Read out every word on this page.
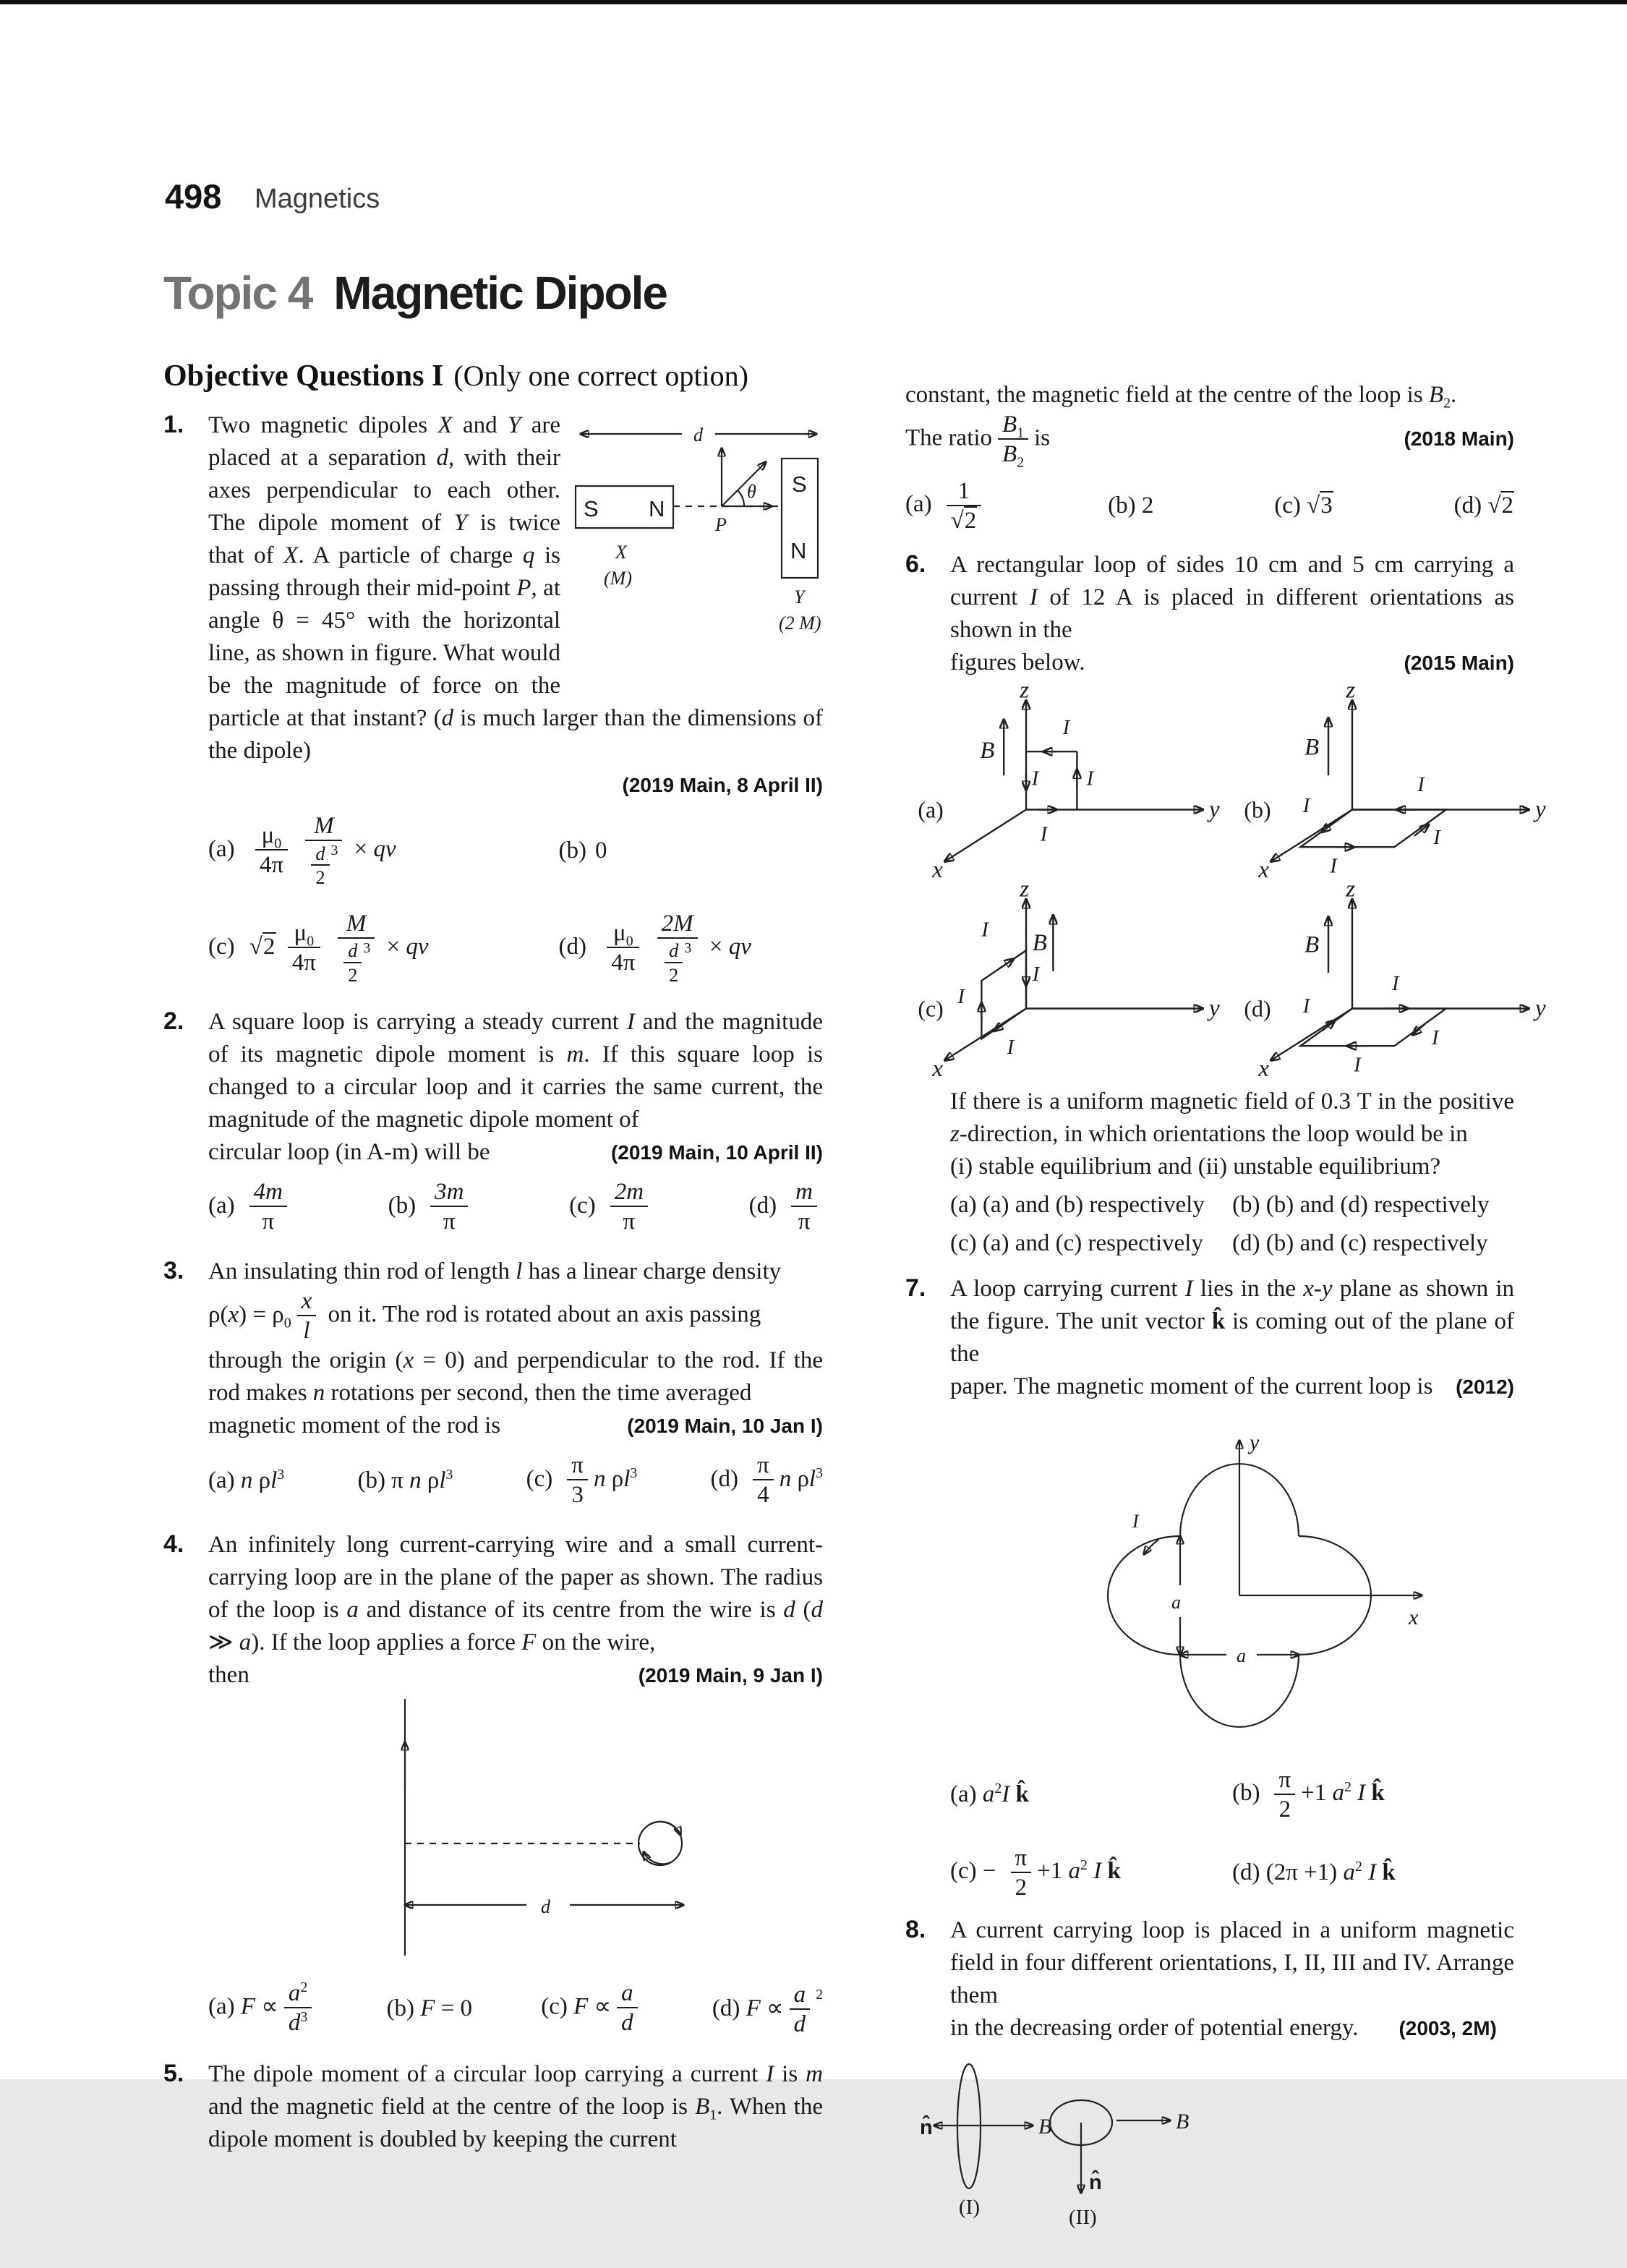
498 Magnetics
Topic 4 Magnetic Dipole
Objective Questions I (Only one correct option)
1.	d
S N
X
(M)
S
N
Y
(2 M)
θ
P
Two magnetic dipoles X and Y are placed at a separation d, with their axes perpendicular to each other. The dipole moment of Y is twice that of X. A particle of charge q is passing through their mid-point P, at angle θ = 45° with the horizontal line, as shown in figure. What would be the magnitude of force on the particle at that instant? (d is much larger than the dimensions of the dipole)
(2019 Main, 8 April II)
$(a) \frac{\mu_0}{4\pi}$
$\frac{M}{\frac{d}{2} ^3}$ × qv	(b) 0
(c) $√2 \frac{\mu_0}{4\pi}$
$\frac{M}{\frac{d}{2} ^3}$ × qv	$(d) \frac{\mu_0}{4\pi}$
$\frac{2M}{\frac{d}{2} ^3}$ × qv
2.	A square loop is carrying a steady current I and the magnitude of its magnetic dipole moment is m. If this square loop is changed to a circular loop and it carries the same current, the magnitude of the magnetic dipole moment of
circular loop (in A-m) will be	(2019 Main, 10 April II)
$(a) \frac{4m}{\pi}$	$(b) \frac{3m}{\pi}$	$(c) \frac{2m}{\pi}$	$(d) \frac{m}{\pi}$
3.	An insulating thin rod of length l has a linear charge density
$\rho(x) = \rho_0 \frac{x}{l}$ on it. The rod is rotated about an axis passing
through the origin (x = 0) and perpendicular to the rod. If the rod makes n rotations per second, then the time averaged
magnetic moment of the rod is	(2019 Main, 10 Jan I)
(a) n $\rho l^3$	(b) π n $\rho l^3$	$(c) \frac{\pi}{3}$ n $\rho l^3$	$(d) \frac{\pi}{4}$ n $\rho l^3$
4.	An infinitely long current-carrying wire and a small current-carrying loop are in the plane of the paper as shown. The radius of the loop is a and distance of its centre from the wire is d (d ≫ a). If the loop applies a force F on the wire,
then	(2019 Main, 9 Jan I)
d
(a) $F \propto \frac{a^2}{d^3}$	(b) F = 0	(c) $F \propto \frac{a}{d}$	(d) $F \propto \frac{a}{d} ^2$
5.	The dipole moment of a circular loop carrying a current I is m and the magnetic field at the centre of the loop is $B_1$. When the dipole moment is doubled by keeping the current
constant, the magnetic field at the centre of the loop is $B_2$.
The ratio $\frac{B_1}{B_2}$ is	(2018 Main)
$(a) \frac{1}{√2}$	(b) 2	(c) √3	(d) √2
6.	A rectangular loop of sides 10 cm and 5 cm carrying a current I of 12 A is placed in different orientations as shown in the
figures below.	(2015 Main)
(a)
z
y
x
B
I
I	I
I
(b)
z
y
x
B
I
I
I
I
(c)
z
y
x
B
I
I
I
I
(d)
z
y
x
B
I
I
I
I
If there is a uniform magnetic field of 0.3 T in the positive z-direction, in which orientations the loop would be in
(i) stable equilibrium and (ii) unstable equilibrium?
(a) (a) and (b) respectively	(b) (b) and (d) respectively
(c) (a) and (c) respectively	(d) (b) and (c) respectively
7.	A loop carrying current I lies in the x-y plane as shown in the figure. The unit vector k̂ is coming out of the plane of the
paper. The magnetic moment of the current loop is (2012)
y
x
a
a
I
(a) $a^2I$ k̂	$(b) \frac{\pi}{2} +1$ $a^2$ I k̂
$(c) - \frac{\pi}{2} +1$ $a^2$ I k̂	(d) (2π +1) $a^2$ I k̂
8.	A current carrying loop is placed in a uniform magnetic field in four different orientations, I, II, III and IV. Arrange them
in the decreasing order of potential energy. (2003, 2M)
n̂	B
(I)
n̂
B
(II)
